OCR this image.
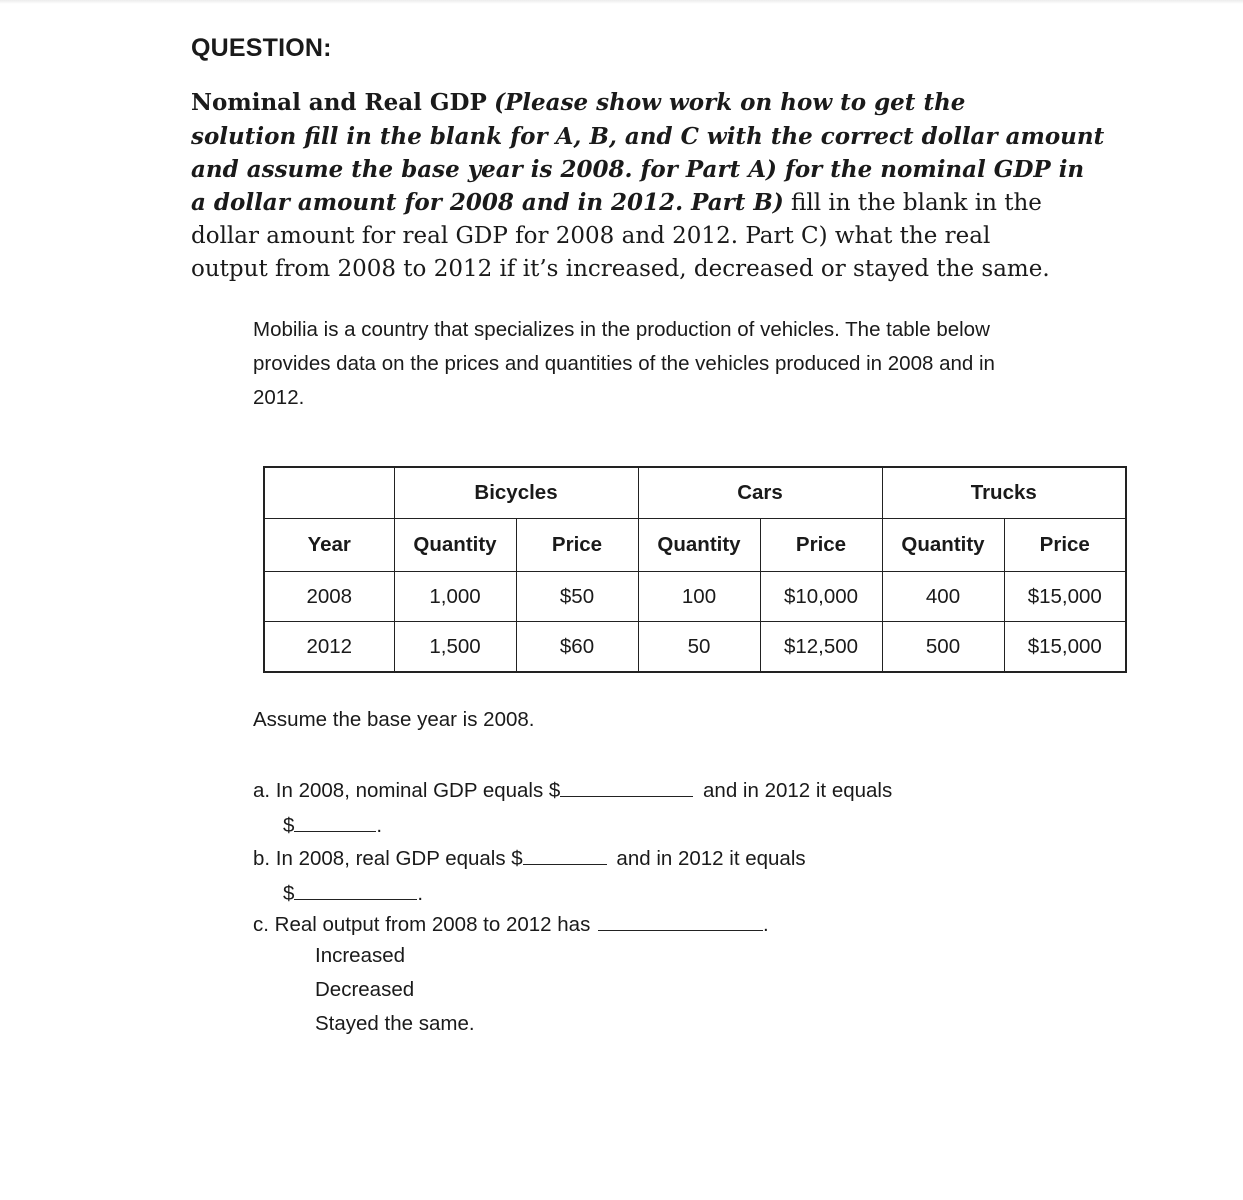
QUESTION:
Nominal and Real GDP (Please show work on how to get the
solution fill in the blank for A, B, and C with the correct dollar amount
and assume the base year is 2008. for Part A) for the nominal GDP in
a dollar amount for 2008 and in 2012. Part B) fill in the blank in the
dollar amount for real GDP for 2008 and 2012. Part C) what the real
output from 2008 to 2012 if it’s increased, decreased or stayed the same.
Mobilia is a country that specializes in the production of vehicles. The table below provides data on the prices and quantities of the vehicles produced in 2008 and in 2012.
	Bicycles		Cars		Trucks	
Year	Quantity	Price	Quantity	Price	Quantity	Price
2008	1,000	$50	100	$10,000	400	$15,000
2012	1,500	$60	50	$12,500	500	$15,000
Assume the base year is 2008.
a. In 2008, nominal GDP equals $	and in 2012 it equals
$	.
b. In 2008, real GDP equals $	and in 2012 it equals
$	.
c. Real output from 2008 to 2012 has	.
Increased
Decreased
Stayed the same.
